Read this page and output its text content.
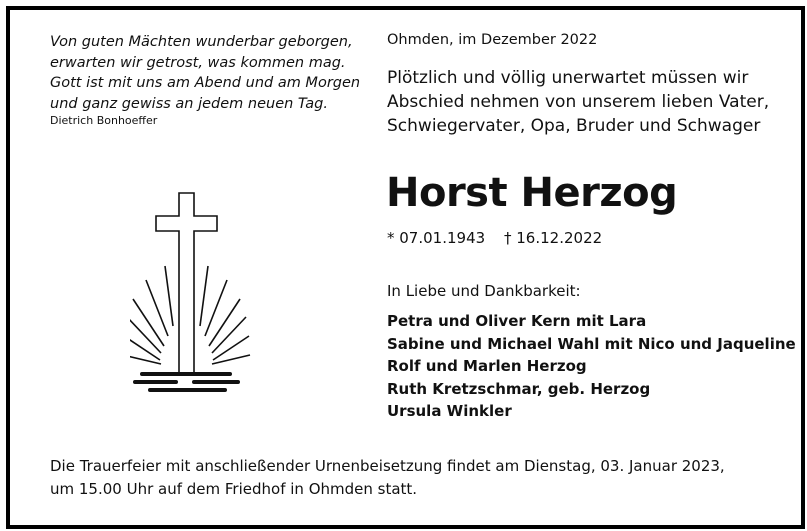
Von guten Mächten wunderbar geborgen,
erwarten wir getrost, was kommen mag.
Gott ist mit uns am Abend und am Morgen
und ganz gewiss an jedem neuen Tag.
Dietrich Bonhoeffer
Ohmden, im Dezember 2022
Plötzlich und völlig unerwartet müssen wir
Abschied nehmen von unserem lieben Vater,
Schwiegervater, Opa, Bruder und Schwager
Horst Herzog
* 07.01.1943 † 16.12.2022
In Liebe und Dankbarkeit:
Petra und Oliver Kern mit Lara
Sabine und Michael Wahl mit Nico und Jaqueline
Rolf und Marlen Herzog
Ruth Kretzschmar, geb. Herzog
Ursula Winkler
Die Trauerfeier mit anschließender Urnenbeisetzung findet am Dienstag, 03. Januar 2023,
um 15.00 Uhr auf dem Friedhof in Ohmden statt.
